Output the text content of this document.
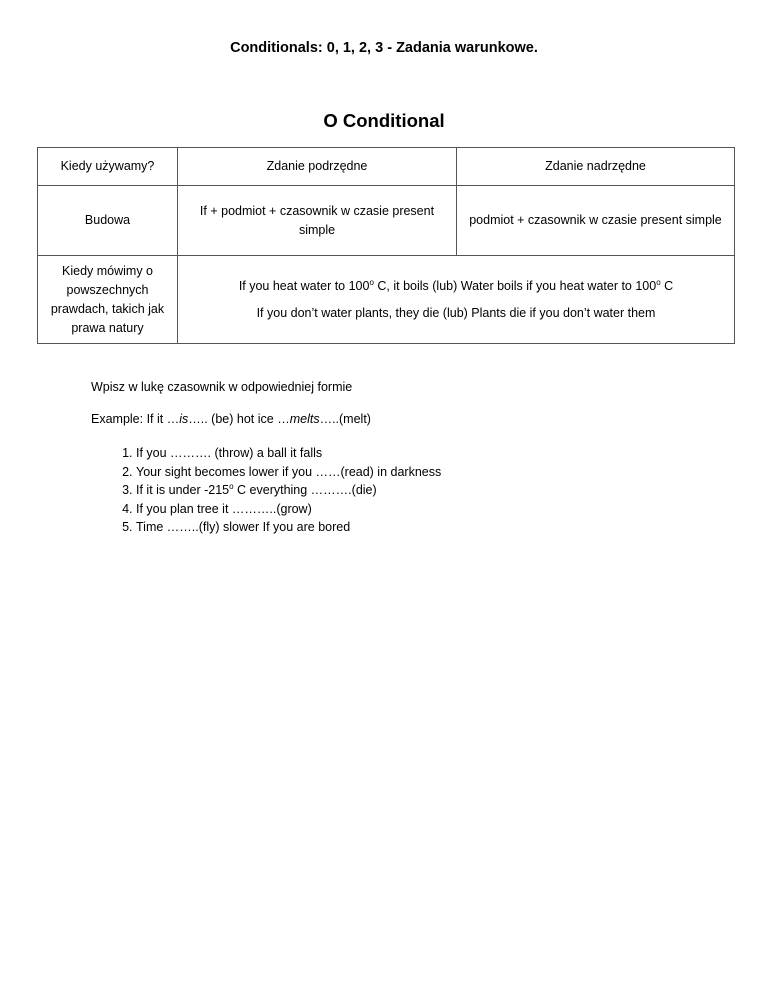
Conditionals: 0, 1, 2, 3 - Zadania warunkowe.
O Conditional
Kiedy używamy?	Zdanie podrzędne	Zdanie nadrzędne
Budowa	If + podmiot + czasownik w czasie present simple	podmiot + czasownik w czasie present simple
Kiedy mówimy o powszechnych prawdach, takich jak prawa natury	If you heat water to 100$^o$ C, it boils (lub) Water boils if you heat water to 100$^o$ C
If you don’t water plants, they die (lub) Plants die if you don’t water them	
Wpisz w lukę czasownik w odpowiedniej formie
Example: If it …is….. (be) hot ice …melts…..(melt)
1. If you ………. (throw) a ball it falls
2. Your sight becomes lower if you ……(read) in darkness
3. If it is under -215$^o$ C everything ……….(die)
4. If you plan tree it ………..(grow)
5. Time ……..(fly) slower If you are bored
